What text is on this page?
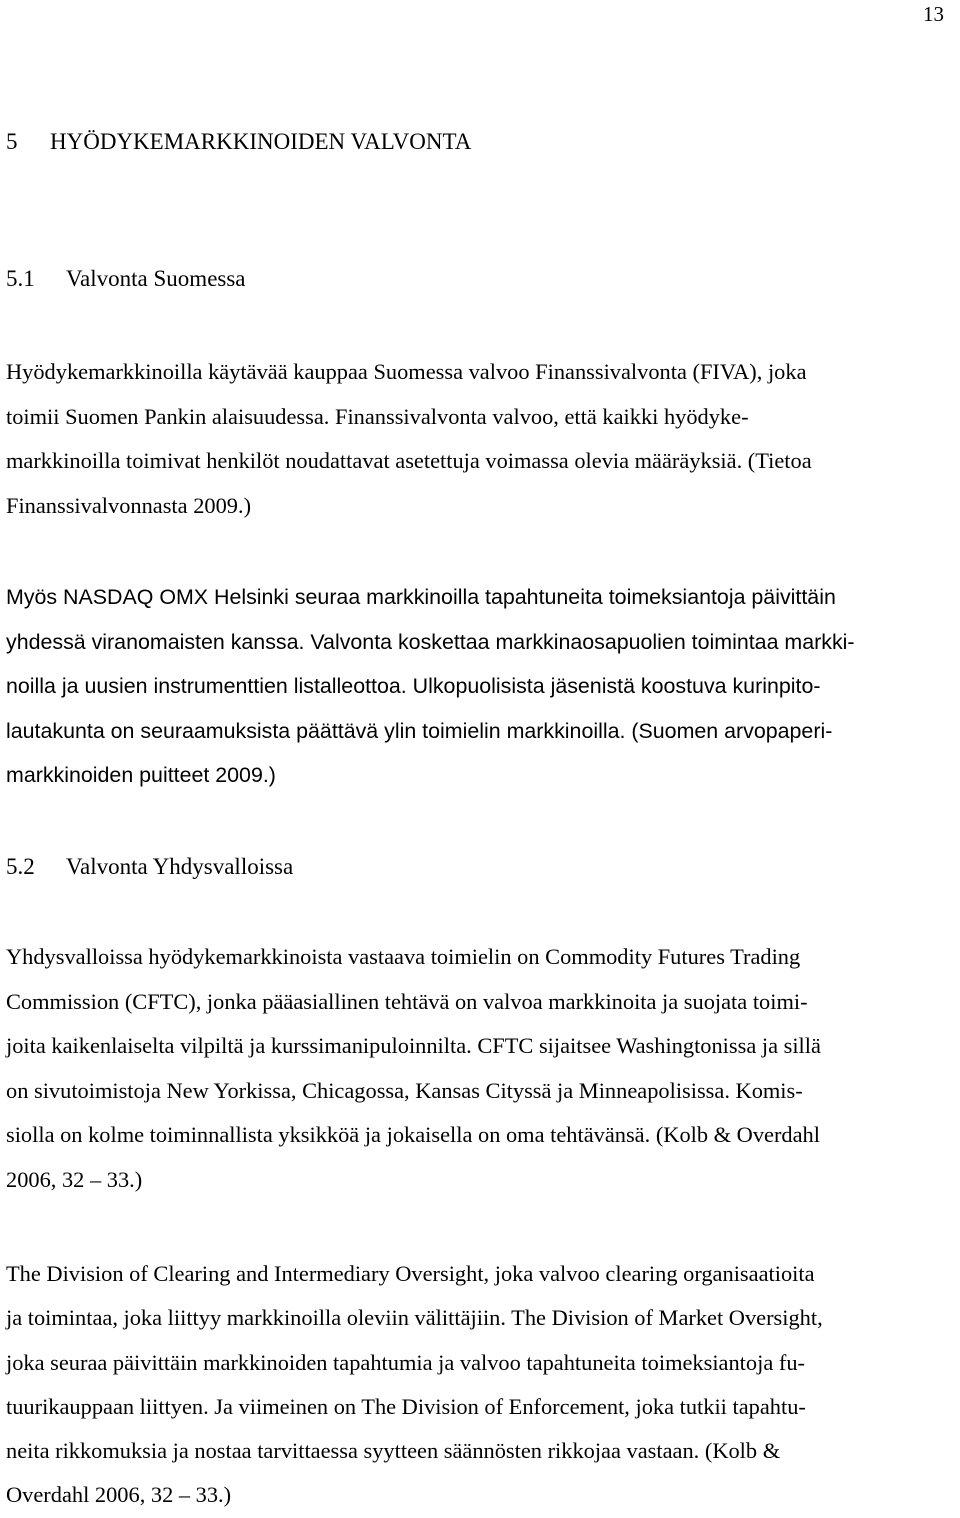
13
5 HYÖDYKEMARKKINOIDEN VALVONTA
5.1 Valvonta Suomessa
Hyödykemarkkinoilla käytävää kauppaa Suomessa valvoo Finanssivalvonta (FIVA), joka
toimii Suomen Pankin alaisuudessa. Finanssivalvonta valvoo, että kaikki hyödyke-
markkinoilla toimivat henkilöt noudattavat asetettuja voimassa olevia määräyksiä. (Tietoa
Finanssivalvonnasta 2009.)
Myös NASDAQ OMX Helsinki seuraa markkinoilla tapahtuneita toimeksiantoja päivittäin
yhdessä viranomaisten kanssa. Valvonta koskettaa markkinaosapuolien toimintaa markki-
noilla ja uusien instrumenttien listalleottoa. Ulkopuolisista jäsenistä koostuva kurinpito-
lautakunta on seuraamuksista päättävä ylin toimielin markkinoilla. (Suomen arvopaperi-
markkinoiden puitteet 2009.)
5.2 Valvonta Yhdysvalloissa
Yhdysvalloissa hyödykemarkkinoista vastaava toimielin on Commodity Futures Trading
Commission (CFTC), jonka pääasiallinen tehtävä on valvoa markkinoita ja suojata toimi-
joita kaikenlaiselta vilpiltä ja kurssimanipuloinnilta. CFTC sijaitsee Washingtonissa ja sillä
on sivutoimistoja New Yorkissa, Chicagossa, Kansas Cityssä ja Minneapolisissa. Komis-
siolla on kolme toiminnallista yksikköä ja jokaisella on oma tehtävänsä. (Kolb & Overdahl
2006, 32 – 33.)
The Division of Clearing and Intermediary Oversight, joka valvoo clearing organisaatioita
ja toimintaa, joka liittyy markkinoilla oleviin välittäjiin. The Division of Market Oversight,
joka seuraa päivittäin markkinoiden tapahtumia ja valvoo tapahtuneita toimeksiantoja fu-
tuurikauppaan liittyen. Ja viimeinen on The Division of Enforcement, joka tutkii tapahtu-
neita rikkomuksia ja nostaa tarvittaessa syytteen säännösten rikkojaa vastaan. (Kolb &
Overdahl 2006, 32 – 33.)
